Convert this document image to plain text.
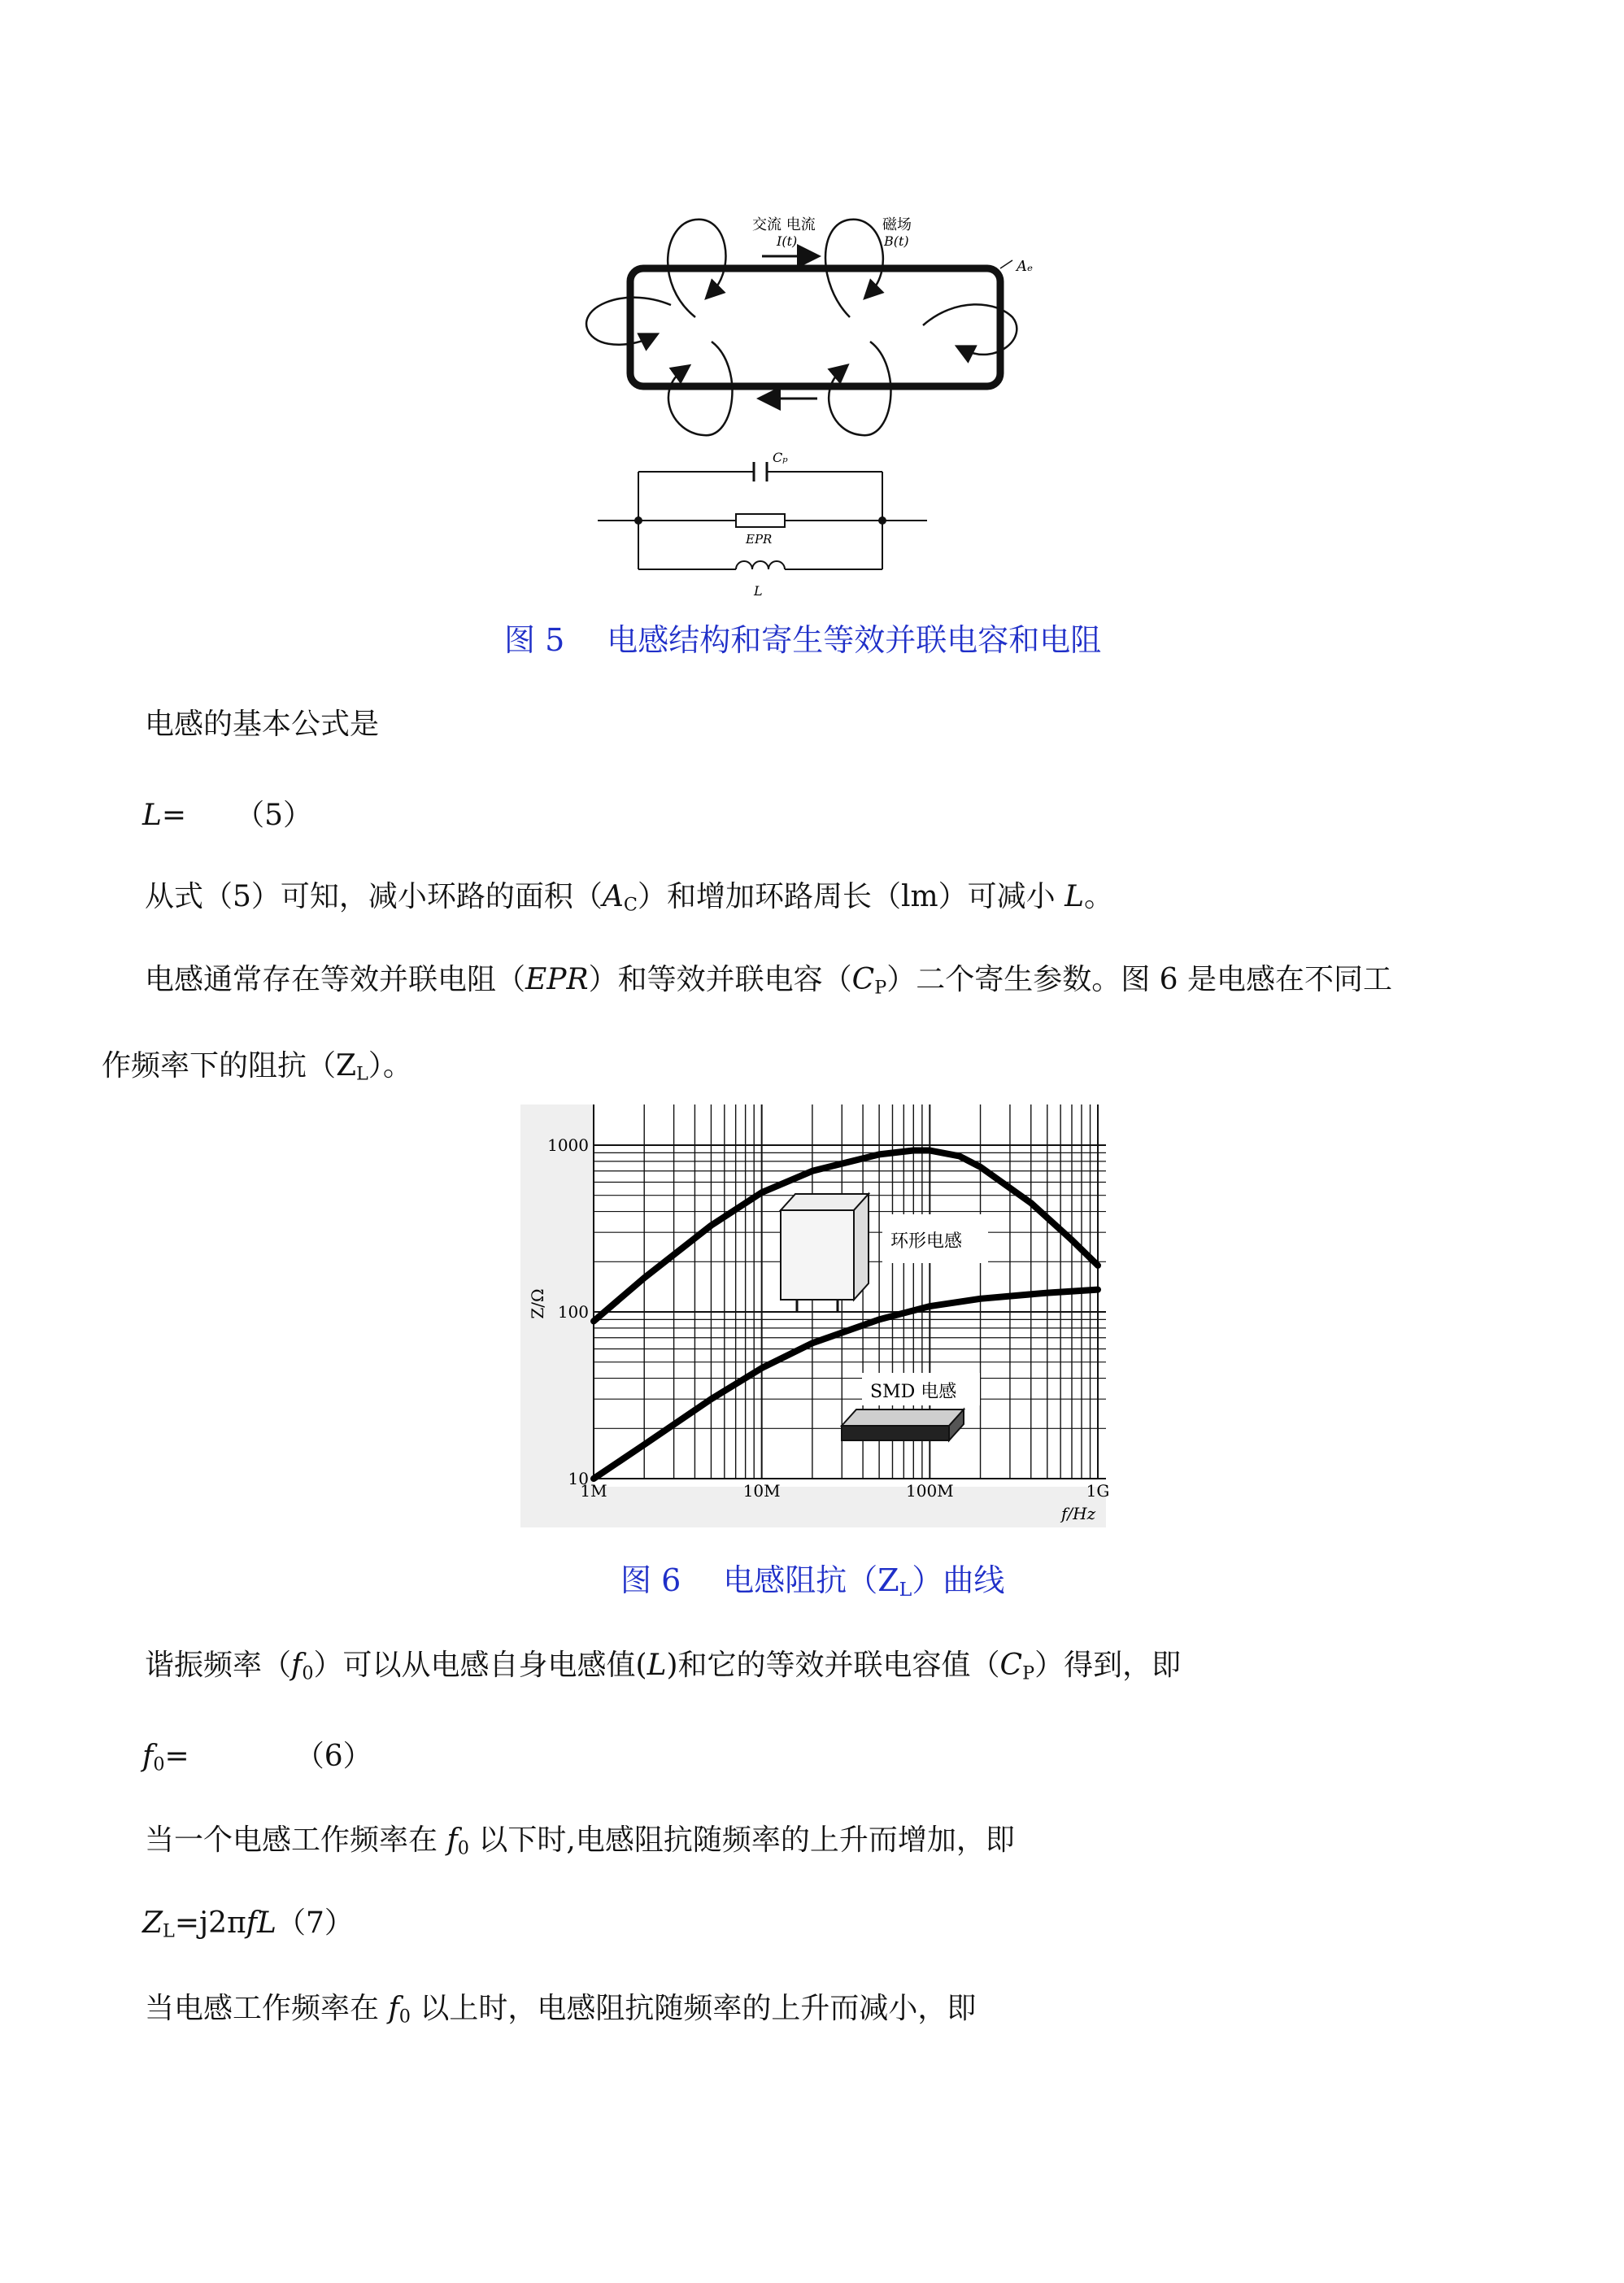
交流 电流
I(t)
磁场
B(t)
Aₑ
Cₚ
EPR
L
图 5 电感结构和寄生等效并联电容和电阻
电感的基本公式是
L= （5）
从式（5）可知，减小环路的面积$(A_C)$和增加环路周长（lm）可减小 L。
电感通常存在等效并联电阻（EPR）和等效并联电容$(C_P)$二个寄生参数。图 6 是电感在不同工
作频率下的阻抗$(Z_L)$。
1M	10M	100M	1G
1000
100
10
环形电感
SMD 电感
Z/Ω
f/Hz
图 6 电感阻抗$(Z_L)$曲线
谐振频率$(f_0)$可以从电感自身电感值(L)和它的等效并联电容值$(C_P)$得到，即
$f_0=$	（6）
当一个电感工作频率在 $f_0$ 以下时,电感阻抗随频率的上升而增加，即
$Z_L=j2\pi fL(7)$
当电感工作频率在 $f_0$ 以上时，电感阻抗随频率的上升而减小，即
